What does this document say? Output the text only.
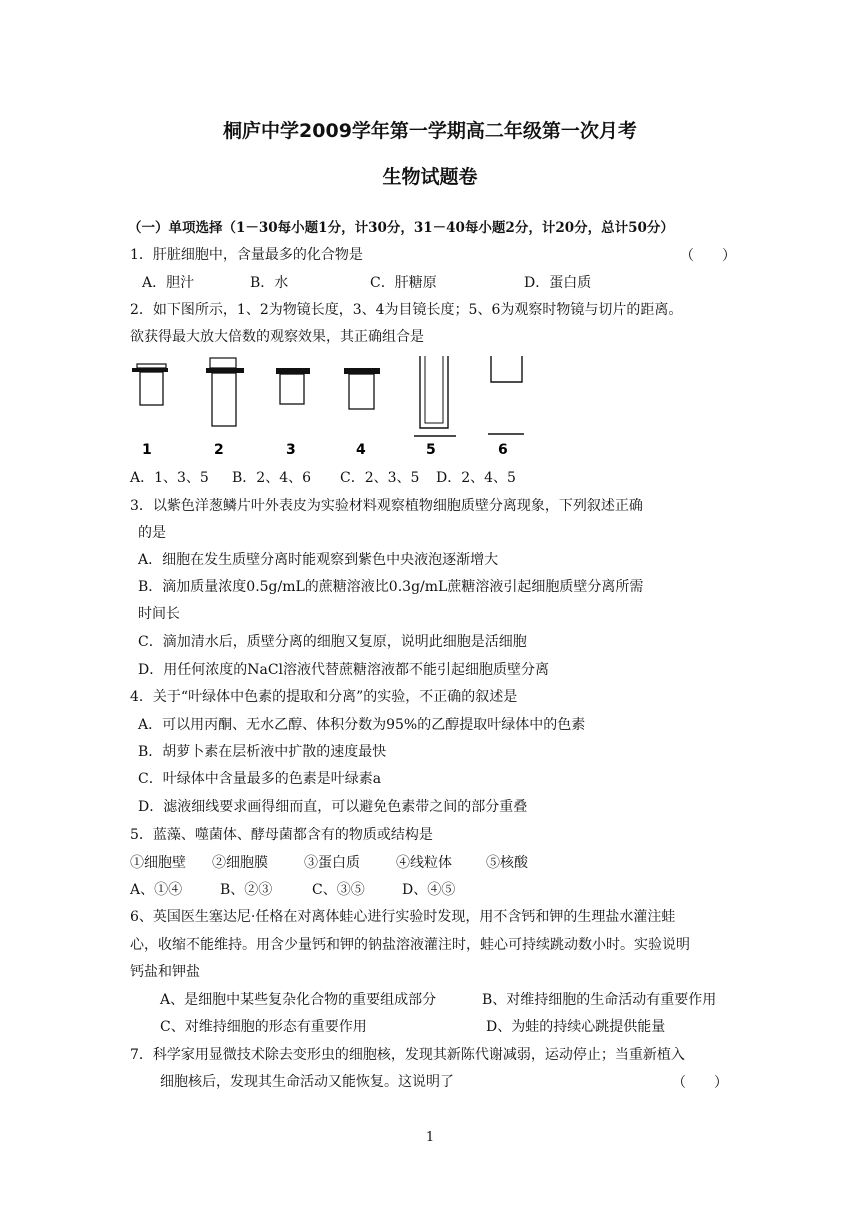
桐庐中学2009学年第一学期高二年级第一次月考
生物试题卷
（一）单项选择（1－30每小题1分，计30分，31－40每小题2分，计20分，总计50分）
1．肝脏细胞中，含量最多的化合物是	（　　）
A．胆汁	B．水	C．肝糖原	D．蛋白质
2．如下图所示，1、2为物镜长度，3、4为目镜长度；5、6为观察时物镜与切片的距离。
欲获得最大放大倍数的观察效果，其正确组合是
1	2	3	4	5	6
A．1、3、5 B．2、4、6 C．2、3、5 D．2、4、5
3．以紫色洋葱鳞片叶外表皮为实验材料观察植物细胞质壁分离现象，下列叙述正确
的是
A．细胞在发生质壁分离时能观察到紫色中央液泡逐渐增大
B．滴加质量浓度0.5g/mL的蔗糖溶液比0.3g/mL蔗糖溶液引起细胞质壁分离所需
时间长
C．滴加清水后，质壁分离的细胞又复原，说明此细胞是活细胞
D．用任何浓度的NaCl溶液代替蔗糖溶液都不能引起细胞质壁分离
4．关于“叶绿体中色素的提取和分离”的实验，不正确的叙述是
A．可以用丙酮、无水乙醇、体积分数为95%的乙醇提取叶绿体中的色素
B．胡萝卜素在层析液中扩散的速度最快
C．叶绿体中含量最多的色素是叶绿素a
D．滤液细线要求画得细而直，可以避免色素带之间的部分重叠
5．蓝藻、噬菌体、酵母菌都含有的物质或结构是
①细胞壁 ②细胞膜	③蛋白质	④线粒体 ⑤核酸
A、①④	B、②③	C、③⑤	D、④⑤
6、英国医生塞达尼·任格在对离体蛙心进行实验时发现，用不含钙和钾的生理盐水灌注蛙
心，收缩不能维持。用含少量钙和钾的钠盐溶液灌注时，蛙心可持续跳动数小时。实验说明
钙盐和钾盐
A、是细胞中某些复杂化合物的重要组成部分	B、对维持细胞的生命活动有重要作用
C、对维持细胞的形态有重要作用	D、为蛙的持续心跳提供能量
7．科学家用显微技术除去变形虫的细胞核，发现其新陈代谢减弱，运动停止；当重新植入
细胞核后，发现其生命活动又能恢复。这说明了	（　　）
1
